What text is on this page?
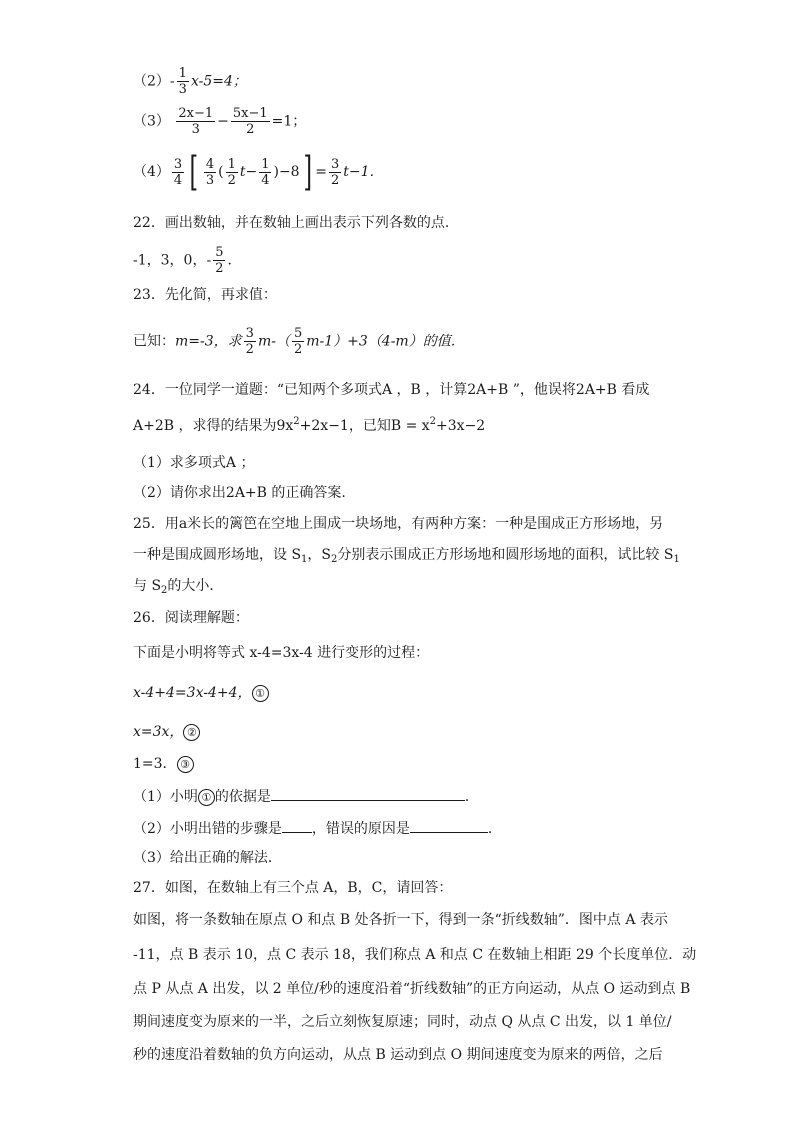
$(2)- \frac{1}{3} x-5=4$；
$(3) \frac{2x-1}{3} - \frac{5x-1}{2} =1$；
$(4) \frac{3}{4}$ [ $\frac{4}{3}$ ( $\frac{1}{2} t- \frac{1}{4} )-8] = \frac{3}{2} t-1$．
22．画出数轴，并在数轴上画出表示下列各数的点．
-1，3，0，- $\frac{5}{2}$ ．
23．先化简，再求值：
已知：m=-3，求 $\frac{3}{2} m-( \frac{5}{2} m-1)+3(4-m)$的值．
24．一位同学一道题：“已知两个多项式A ，B ，计算2A+B ”，他误将2A+B 看成
A+2B ，求得的结果为$9x^2+2x-1$，已知$B = x^2+3x-2$
（1）求多项式A ；
（2）请你求出2A+B 的正确答案.
25．用a米长的篱笆在空地上围成一块场地，有两种方案：一种是围成正方形场地，另
一种是围成圆形场地，设 $S_1$，$S_2$分别表示围成正方形场地和圆形场地的面积，试比较 $S_1$
与 $S_2$的大小．
26．阅读理解题：
下面是小明将等式 x-4=3x-4 进行变形的过程：
x-4+4=3x-4+4， ①
x=3x， ②
1=3． ③
（1）小明 ① 的依据是	．
（2）小明出错的步骤是 ，错误的原因是	．
（3）给出正确的解法．
27．如图，在数轴上有三个点 A，B，C，请回答：
如图，将一条数轴在原点 O 和点 B 处各折一下，得到一条“折线数轴”．图中点 A 表示
-11，点 B 表示 10，点 C 表示 18，我们称点 A 和点 C 在数轴上相距 29 个长度单位．动
点 P 从点 A 出发，以 2 单位/秒的速度沿着“折线数轴”的正方向运动，从点 O 运动到点 B
期间速度变为原来的一半，之后立刻恢复原速；同时，动点 Q 从点 C 出发，以 1 单位/
秒的速度沿着数轴的负方向运动，从点 B 运动到点 O 期间速度变为原来的两倍，之后
